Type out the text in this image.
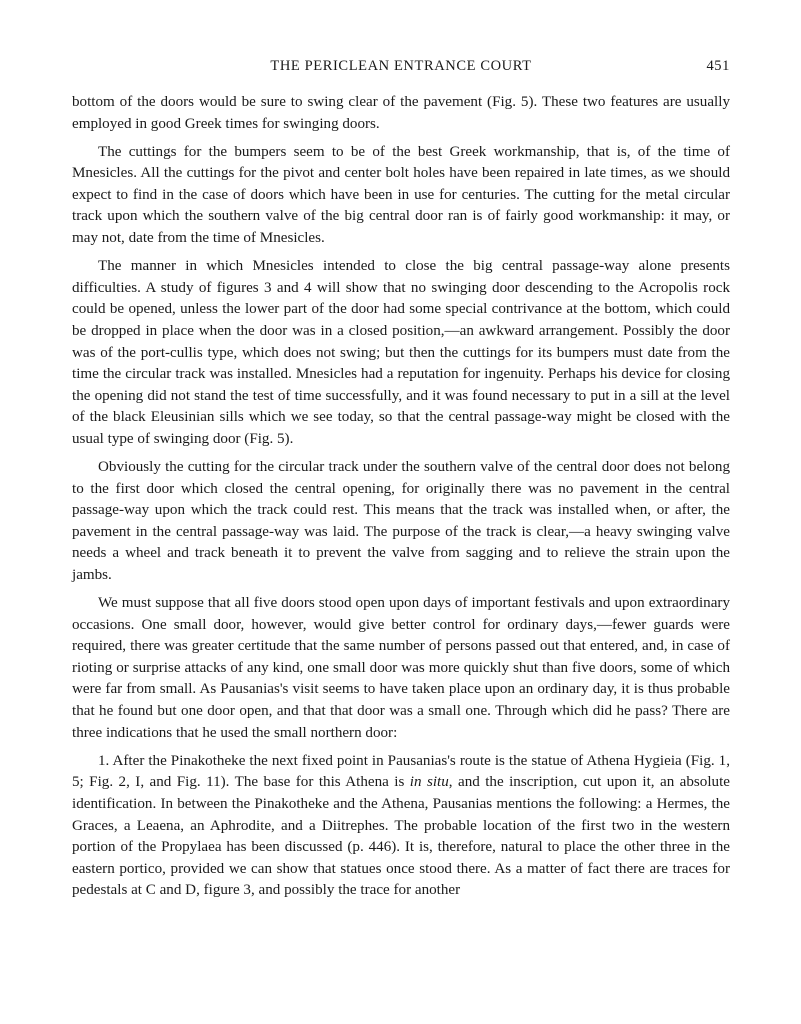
THE PERICLEAN ENTRANCE COURT	451

bottom of the doors would be sure to swing clear of the pavement (Fig. 5). These two features are usually employed in good Greek times for swinging doors.

The cuttings for the bumpers seem to be of the best Greek workmanship, that is, of the time of Mnesicles. All the cuttings for the pivot and center bolt holes have been repaired in late times, as we should expect to find in the case of doors which have been in use for centuries. The cutting for the metal circular track upon which the southern valve of the big central door ran is of fairly good workmanship: it may, or may not, date from the time of Mnesicles.

The manner in which Mnesicles intended to close the big central passage-way alone presents difficulties. A study of figures 3 and 4 will show that no swinging door descending to the Acropolis rock could be opened, unless the lower part of the door had some special contrivance at the bottom, which could be dropped in place when the door was in a closed position,—an awkward arrangement. Possibly the door was of the port-cullis type, which does not swing; but then the cuttings for its bumpers must date from the time the circular track was installed. Mnesicles had a reputation for ingenuity. Perhaps his device for closing the opening did not stand the test of time successfully, and it was found necessary to put in a sill at the level of the black Eleusinian sills which we see today, so that the central passage-way might be closed with the usual type of swinging door (Fig. 5).

Obviously the cutting for the circular track under the southern valve of the central door does not belong to the first door which closed the central opening, for originally there was no pavement in the central passage-way upon which the track could rest. This means that the track was installed when, or after, the pavement in the central passage-way was laid. The purpose of the track is clear,—a heavy swinging valve needs a wheel and track beneath it to prevent the valve from sagging and to relieve the strain upon the jambs.

We must suppose that all five doors stood open upon days of important festivals and upon extraordinary occasions. One small door, however, would give better control for ordinary days,—fewer guards were required, there was greater certitude that the same number of persons passed out that entered, and, in case of rioting or surprise attacks of any kind, one small door was more quickly shut than five doors, some of which were far from small. As Pausanias's visit seems to have taken place upon an ordinary day, it is thus probable that he found but one door open, and that that door was a small one. Through which did he pass? There are three indications that he used the small northern door:

1. After the Pinakotheke the next fixed point in Pausanias's route is the statue of Athena Hygieia (Fig. 1, 5; Fig. 2, I, and Fig. 11). The base for this Athena is in situ, and the inscription, cut upon it, an absolute identification. In between the Pinakotheke and the Athena, Pausanias mentions the following: a Hermes, the Graces, a Leaena, an Aphrodite, and a Diitrephes. The probable location of the first two in the western portion of the Propylaea has been discussed (p. 446). It is, therefore, natural to place the other three in the eastern portico, provided we can show that statues once stood there. As a matter of fact there are traces for pedestals at C and D, figure 3, and possibly the trace for another
